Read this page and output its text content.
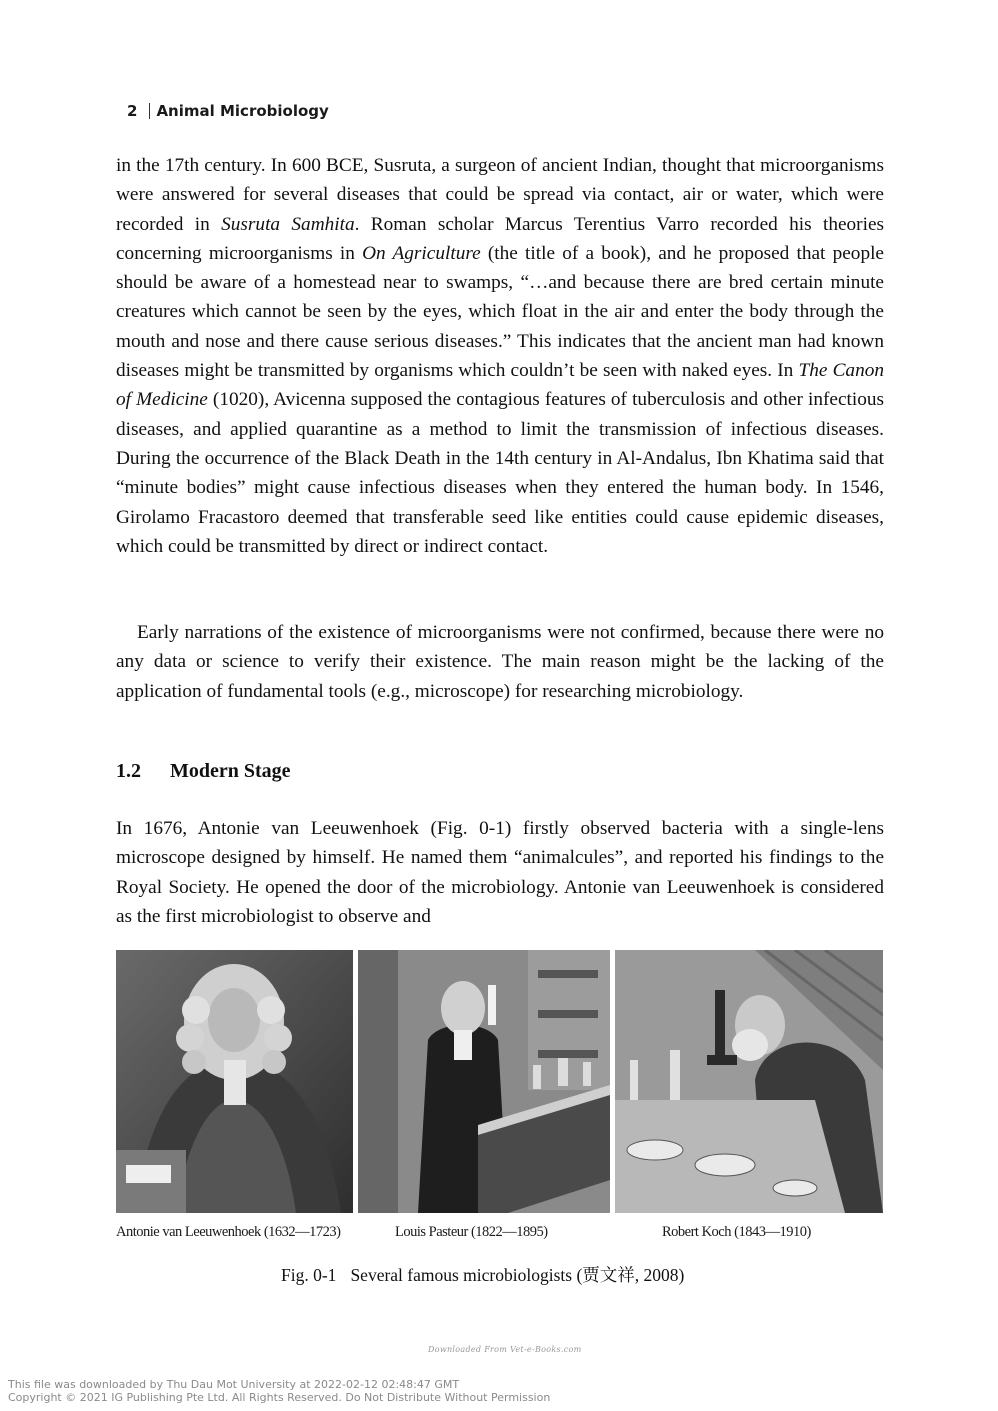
2 Animal Microbiology

in the 17th century. In 600 BCE, Susruta, a surgeon of ancient Indian, thought that microorganisms were answered for several diseases that could be spread via contact, air or water, which were recorded in Susruta Samhita. Roman scholar Marcus Terentius Varro recorded his theories concerning microorganisms in On Agriculture (the title of a book), and he proposed that people should be aware of a homestead near to swamps, “…and because there are bred certain minute creatures which cannot be seen by the eyes, which float in the air and enter the body through the mouth and nose and there cause serious diseases.” This indicates that the ancient man had known diseases might be transmitted by organisms which couldn’t be seen with naked eyes. In The Canon of Medicine (1020), Avicenna supposed the contagious features of tuberculosis and other infectious diseases, and applied quarantine as a method to limit the transmission of infectious diseases. During the occurrence of the Black Death in the 14th century in Al-Andalus, Ibn Khatima said that “minute bodies” might cause infectious diseases when they entered the human body. In 1546, Girolamo Fracastoro deemed that transferable seed like entities could cause epidemic diseases, which could be transmitted by direct or indirect contact.

Early narrations of the existence of microorganisms were not confirmed, because there were no any data or science to verify their existence. The main reason might be the lacking of the application of fundamental tools (e.g., microscope) for researching microbiology.

1.2	Modern Stage

In 1676, Antonie van Leeuwenhoek (Fig. 0-1) firstly observed bacteria with a single-lens microscope designed by himself. He named them “animalcules”, and reported his findings to the Royal Society. He opened the door of the microbiology. Antonie van Leeuwenhoek is considered as the first microbiologist to observe and

Antonie van Leeuwenhoek (1632—1723)	Louis Pasteur (1822—1895)	Robert Koch (1843—1910)
Fig. 0-1 Several famous microbiologists (贾文祥, 2008)
Downloaded From Vet-e-Books.com
This file was downloaded by Thu Dau Mot University at 2022-02-12 02:48:47 GMT
Copyright © 2021 IG Publishing Pte Ltd. All Rights Reserved. Do Not Distribute Without Permission
